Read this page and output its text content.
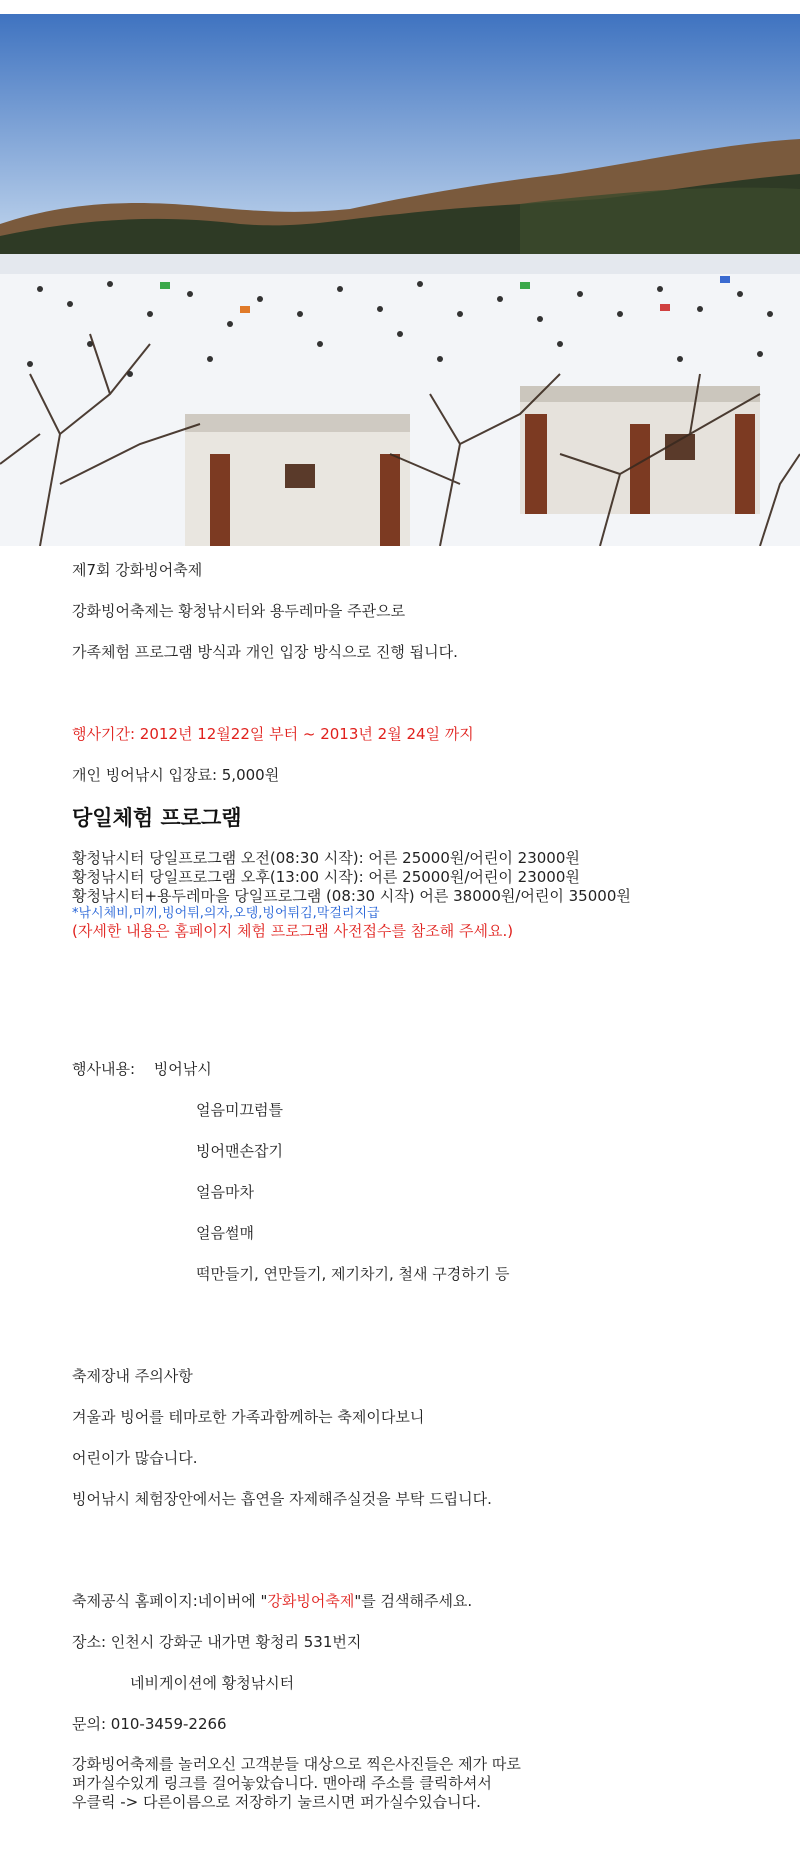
제7회 강화빙어축제

강화빙어축제는 황청낚시터와 용두레마을 주관으로

가족체험 프로그램 방식과 개인 입장 방식으로 진행 됩니다.

행사기간: 2012년 12월22일 부터 ~ 2013년 2월 24일 까지

개인 빙어낚시 입장료: 5,000원

당일체험 프로그램

황청낚시터 당일프로그램 오전(08:30 시작): 어른 25000원/어린이 23000원

황청낚시터 당일프로그램 오후(13:00 시작): 어른 25000원/어린이 23000원

황청낚시터+용두레마을 당일프로그램 (08:30 시작) 어른 38000원/어린이 35000원

*낚시체비,미끼,빙어튀,의자,오뎅,빙어튀김,막걸리지급

(자세한 내용은 홈페이지 체험 프로그램 사전접수를 참조해 주세요.)

행사내용: 빙어낚시

얼음미끄럼틀

빙어맨손잡기

얼음마차

얼음썰매

떡만들기, 연만들기, 제기차기, 철새 구경하기 등

축제장내 주의사항

겨울과 빙어를 테마로한 가족과함께하는 축제이다보니

어린이가 많습니다.

빙어낚시 체험장안에서는 흡연을 자제해주실것을 부탁 드립니다.

축제공식 홈페이지:네이버에 "강화빙어축제"를 검색해주세요.

장소: 인천시 강화군 내가면 황청리 531번지

네비게이션에 황청낚시터

문의: 010-3459-2266

강화빙어축제를 놀러오신 고객분들 대상으로 찍은사진들은 제가 따로

퍼가실수있게 링크를 걸어놓았습니다. 맨아래 주소를 클릭하셔서

우클릭 -> 다른이름으로 저장하기 눌르시면 퍼가실수있습니다.
